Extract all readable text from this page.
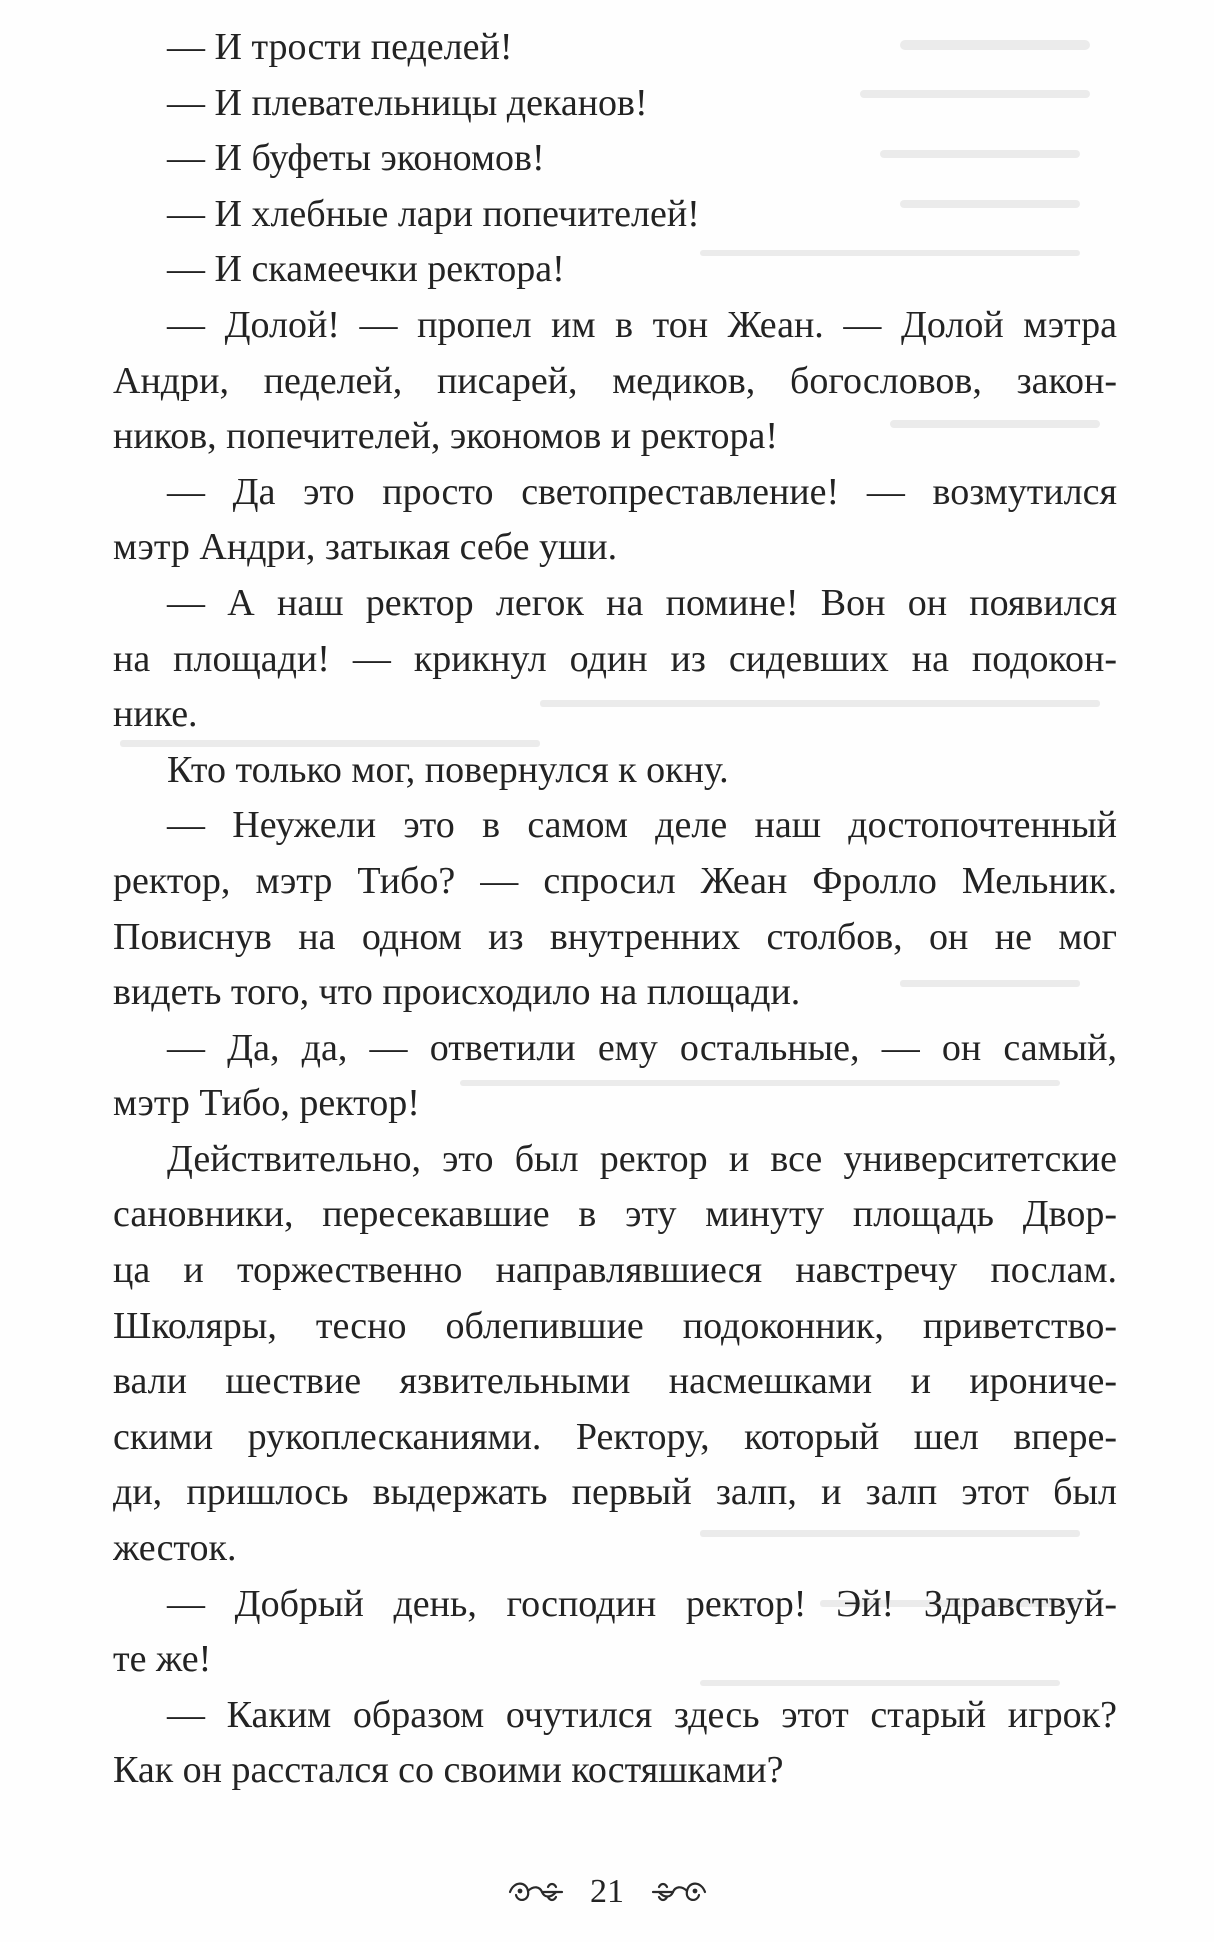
— И трости педелей!
— И плевательницы деканов!
— И буфеты экономов!
— И хлебные лари попечителей!
— И скамеечки ректора!
— Долой! — пропел им в тон Жеан. — Долой мэтра
Андри, педелей, писарей, медиков, богословов, закон-
ников, попечителей, экономов и ректора!
— Да это просто светопреставление! — возмутился
мэтр Андри, затыкая себе уши.
— А наш ректор легок на помине! Вон он появился
на площади! — крикнул один из сидевших на подокон-
нике.
Кто только мог, повернулся к окну.
— Неужели это в самом деле наш достопочтенный
ректор, мэтр Тибо? — спросил Жеан Фролло Мельник.
Повиснув на одном из внутренних столбов, он не мог
видеть того, что происходило на площади.
— Да, да, — ответили ему остальные, — он самый,
мэтр Тибо, ректор!
Действительно, это был ректор и все университетские
сановники, пересекавшие в эту минуту площадь Двор-
ца и торжественно направлявшиеся навстречу послам.
Школяры, тесно облепившие подоконник, приветство-
вали шествие язвительными насмешками и ирониче-
скими рукоплесканиями. Ректору, который шел впере-
ди, пришлось выдержать первый залп, и залп этот был
жесток.
— Добрый день, господин ректор! Эй! Здравствуй-
те же!
— Каким образом очутился здесь этот старый игрок?
Как он расстался со своими костяшками?
21
